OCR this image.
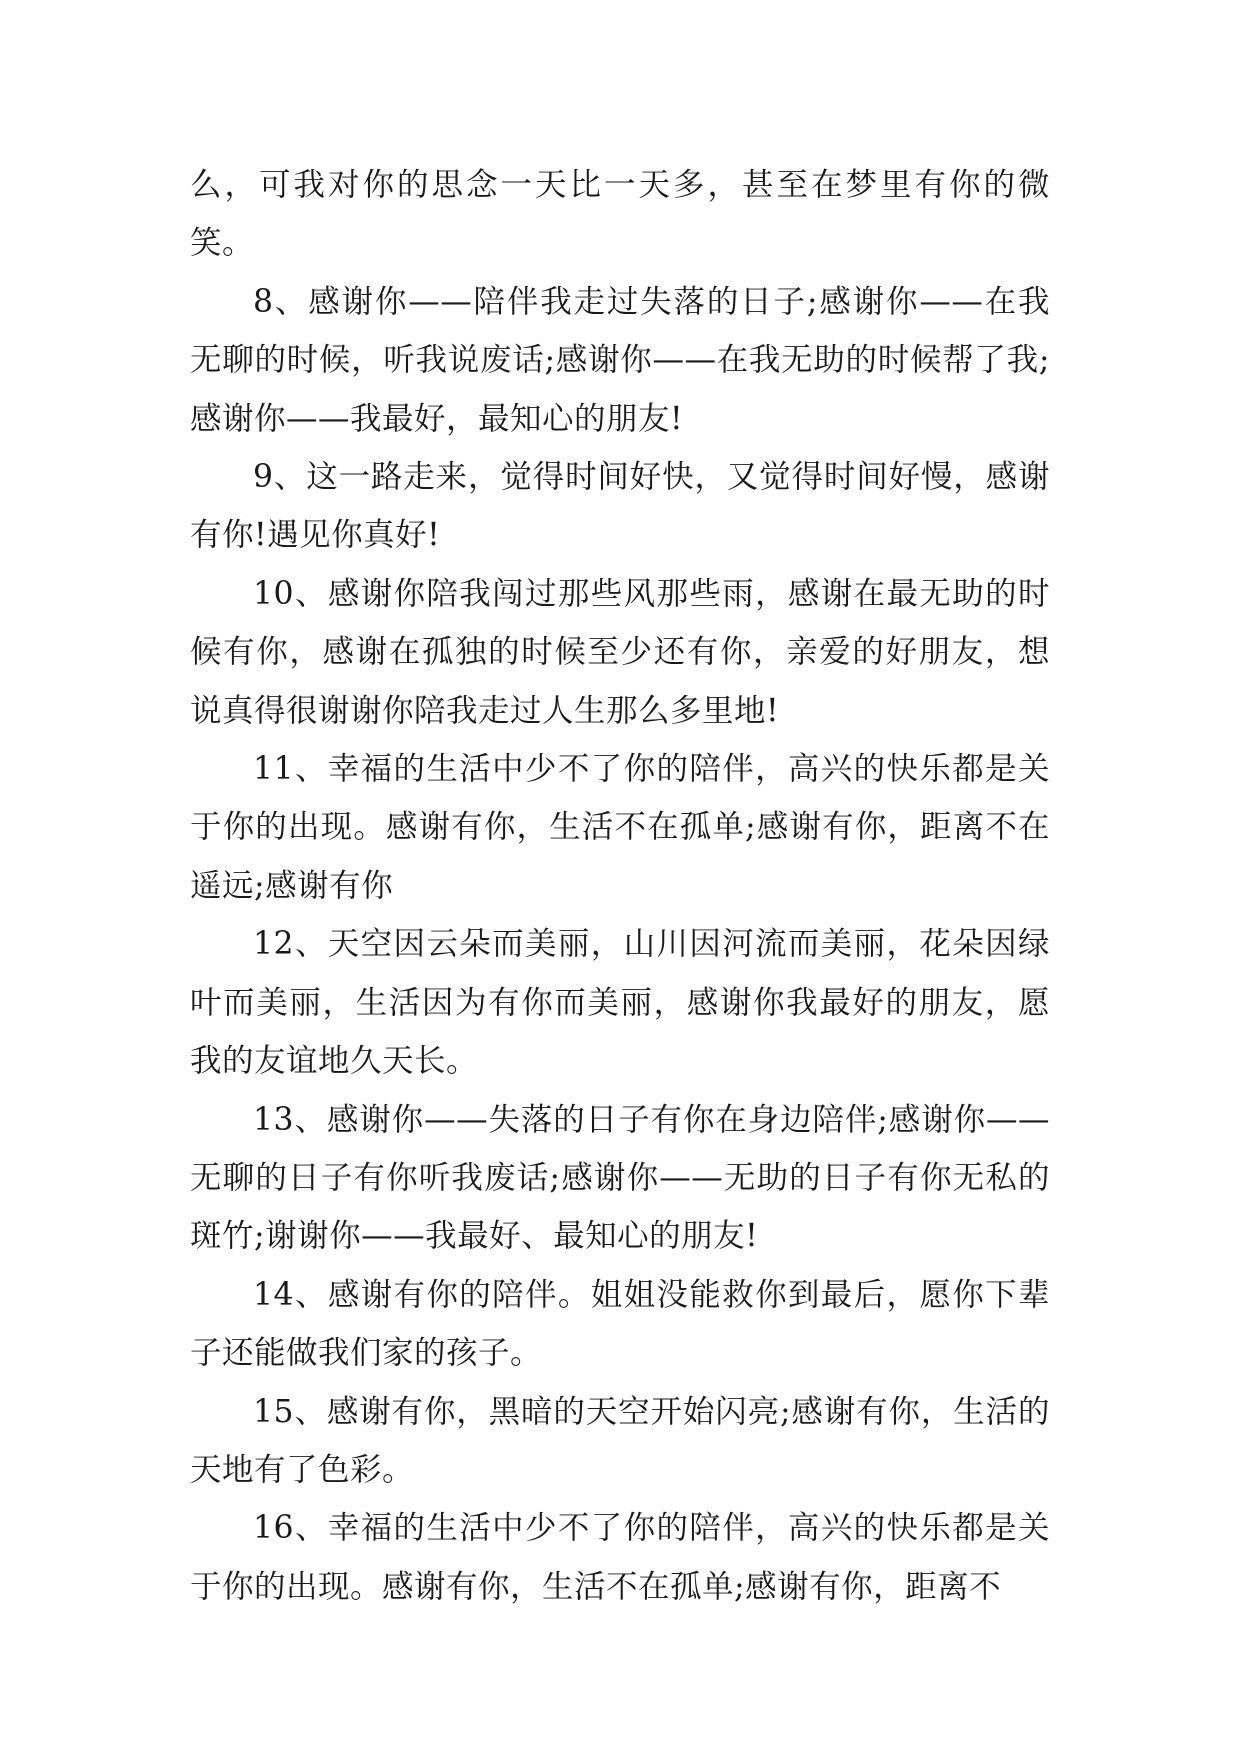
么，可我对你的思念一天比一天多，甚至在梦里有你的微笑。

8、感谢你——陪伴我走过失落的日子;感谢你——在我无聊的时候，听我说废话;感谢你——在我无助的时候帮了我;感谢你——我最好，最知心的朋友!

9、这一路走来，觉得时间好快，又觉得时间好慢，感谢有你!遇见你真好!

10、感谢你陪我闯过那些风那些雨，感谢在最无助的时候有你，感谢在孤独的时候至少还有你，亲爱的好朋友，想说真得很谢谢你陪我走过人生那么多里地!

11、幸福的生活中少不了你的陪伴，高兴的快乐都是关于你的出现。感谢有你，生活不在孤单;感谢有你，距离不在遥远;感谢有你

12、天空因云朵而美丽，山川因河流而美丽，花朵因绿叶而美丽，生活因为有你而美丽，感谢你我最好的朋友，愿我的友谊地久天长。

13、感谢你——失落的日子有你在身边陪伴;感谢你——无聊的日子有你听我废话;感谢你——无助的日子有你无私的斑竹;谢谢你——我最好、最知心的朋友!

14、感谢有你的陪伴。姐姐没能救你到最后，愿你下辈子还能做我们家的孩子。

15、感谢有你，黑暗的天空开始闪亮;感谢有你，生活的天地有了色彩。

16、幸福的生活中少不了你的陪伴，高兴的快乐都是关于你的出现。感谢有你，生活不在孤单;感谢有你，距离不
